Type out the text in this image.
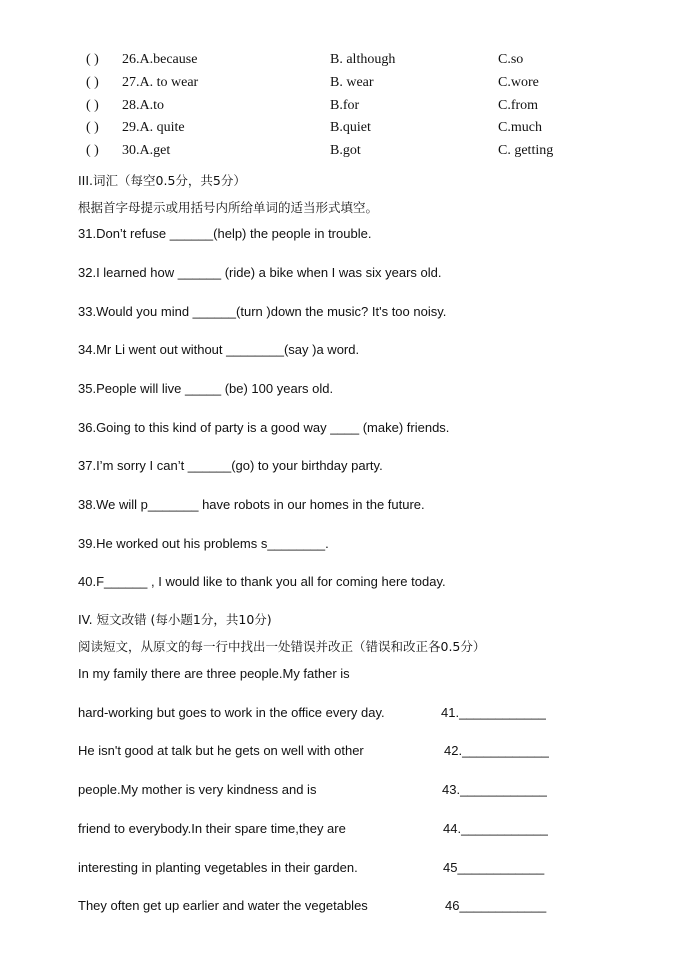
( ) 26.A.because	B. although	C.so
( ) 27.A. to wear	B. wear	C.wore
( ) 28.A.to	B.for	C.from
( ) 29.A. quite	B.quiet	C.much
( ) 30.A.get	B.got	C. getting
III.词汇（每空0.5分，共5分）
根据首字母提示或用括号内所给单词的适当形式填空。
31.Don’t refuse ______(help) the people in trouble.
32.I learned how ______ (ride) a bike when I was six years old.
33.Would you mind ______(turn )down the music? It's too noisy.
34.Mr Li went out without ________(say )a word.
35.People will live _____ (be) 100 years old.
36.Going to this kind of party is a good way ____ (make) friends.
37.I’m sorry I can’t ______(go) to your birthday party.
38.We will p_______ have robots in our homes in the future.
39.He worked out his problems s________.
40.F______ , I would like to thank you all for coming here today.
IV. 短文改错 (每小题1分，共10分)
阅读短文，从原文的每一行中找出一处错误并改正（错误和改正各0.5分）
In my family there are three people.My father is
hard-working but goes to work in the office every day.	41.____________
He isn't good at talk but he gets on well with other	42.____________
people.My mother is very kindness and is	43.____________
friend to everybody.In their spare time,they are	44.____________
interesting in planting vegetables in their garden.	45____________
They often get up earlier and water the vegetables	46____________
